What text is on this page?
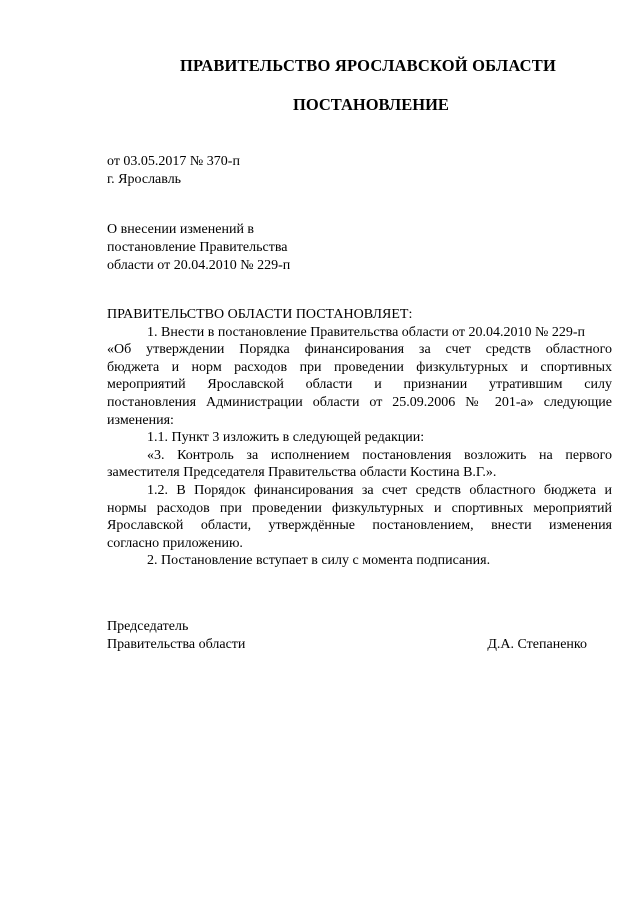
ПРАВИТЕЛЬСТВО ЯРОСЛАВСКОЙ ОБЛАСТИ
ПОСТАНОВЛЕНИЕ
от 03.05.2017 № 370-п
г. Ярославль
О внесении изменений в
постановление Правительства
области от 20.04.2010 № 229-п
ПРАВИТЕЛЬСТВО ОБЛАСТИ ПОСТАНОВЛЯЕТ:
1. Внести в постановление Правительства области от 20.04.2010 № 229-п
«Об утверждении Порядка финансирования за счет средств областного
бюджета и норм расходов при проведении физкультурных и спортивных
мероприятий Ярославской области и признании утратившим силу
постановления Администрации области от 25.09.2006 № 201-а» следующие
изменения:
1.1. Пункт 3 изложить в следующей редакции:
«3. Контроль за исполнением постановления возложить на первого
заместителя Председателя Правительства области Костина В.Г.».
1.2. В Порядок финансирования за счет средств областного бюджета и
нормы расходов при проведении физкультурных и спортивных мероприятий
Ярославской области, утверждённые постановлением, внести изменения
согласно приложению.
2. Постановление вступает в силу с момента подписания.
Председатель
Правительства области	Д.А. Степаненко
